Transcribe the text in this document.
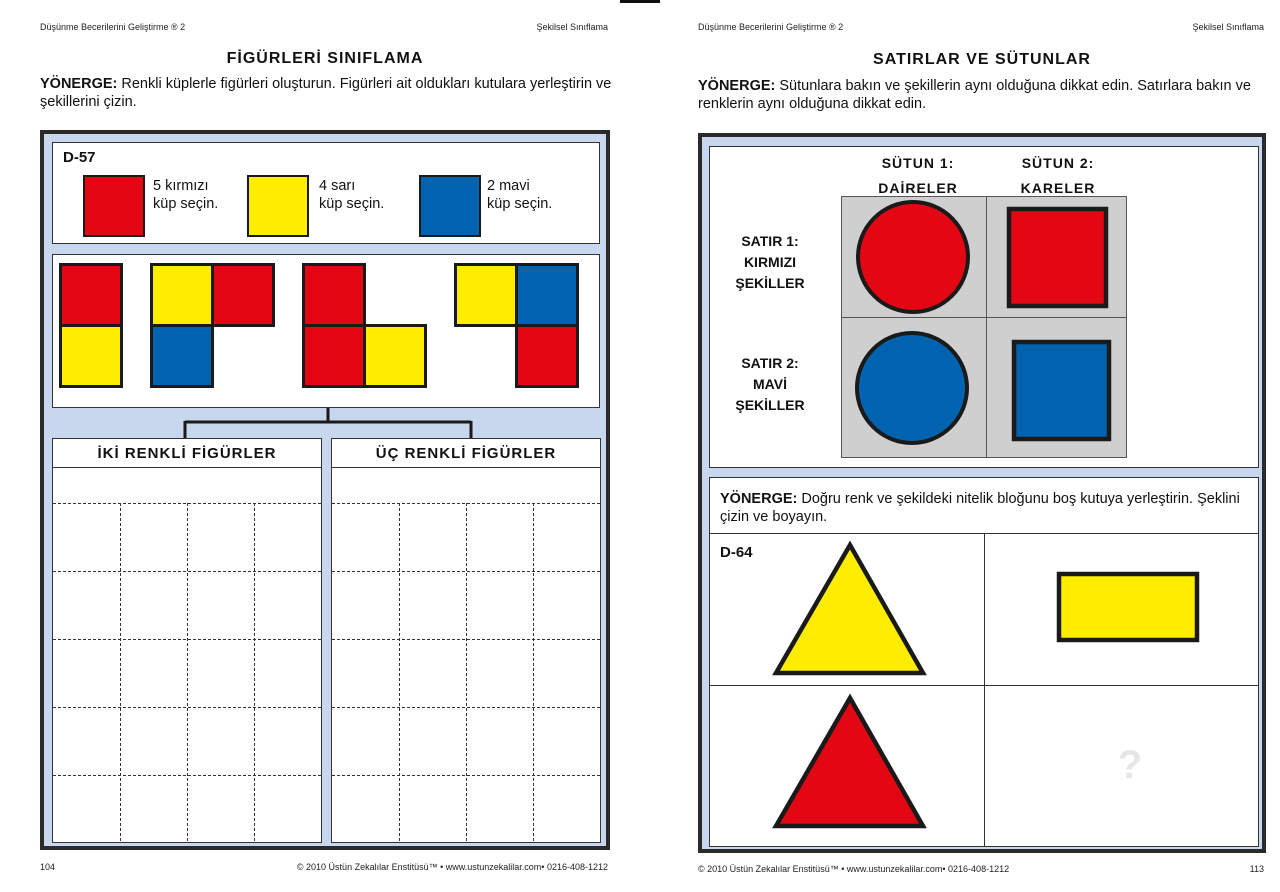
Düşünme Becerilerini Geliştirme ® 2	Şekilsel Sınıflama
FİGÜRLERİ SINIFLAMA
YÖNERGE: Renkli küplerle figürleri oluşturun. Figürleri ait oldukları kutulara yerleştirin ve şekillerini çizin.
D-57
5 kırmızı
küp seçin.
4 sarı
küp seçin.
2 mavi
küp seçin.
İKİ RENKLİ FİGÜRLER	ÜÇ RENKLİ FİGÜRLER
104	© 2010 Üstün Zekalılar Enstitüsü™ • www.ustunzekalilar.com• 0216-408-1212
Düşünme Becerilerini Geliştirme ® 2	Şekilsel Sınıflama
SATIRLAR VE SÜTUNLAR
YÖNERGE: Sütunlara bakın ve şekillerin aynı olduğuna dikkat edin. Satırlara bakın ve renklerin aynı olduğuna dikkat edin.
SÜTUN 1:
DAİRELER
SÜTUN 2:
KARELER
SATIR 1:
KIRMIZI
ŞEKİLLER
SATIR 2:
MAVİ
ŞEKİLLER
YÖNERGE: Doğru renk ve şekildeki nitelik bloğunu boş kutuya yerleştirin. Şeklini çizin ve boyayın.
D-64
?
© 2010 Üstün Zekalılar Enstitüsü™ • www.ustunzekalilar.com• 0216-408-1212	113
